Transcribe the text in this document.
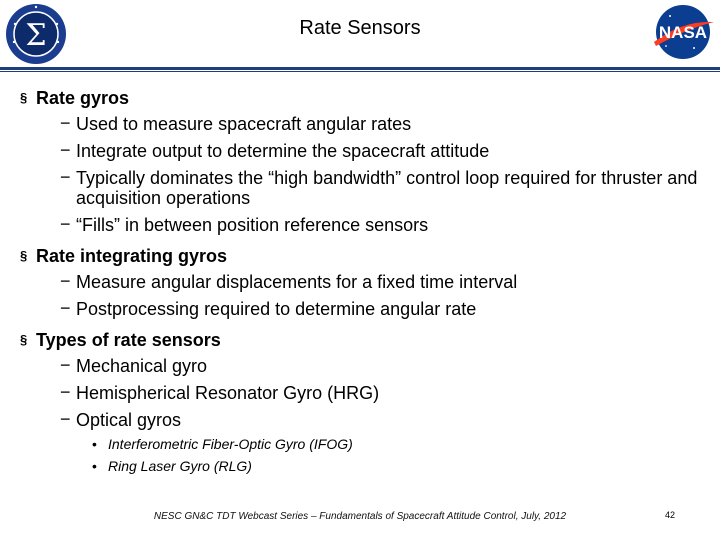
Σ	Rate Sensors	NASA
§ Rate gyros
− Used to measure spacecraft angular rates
− Integrate output to determine the spacecraft attitude
− Typically dominates the “high bandwidth” control loop required for thruster and acquisition operations
− “Fills” in between position reference sensors
§ Rate integrating gyros
− Measure angular displacements for a fixed time interval
− Postprocessing required to determine angular rate
§ Types of rate sensors
− Mechanical gyro
− Hemispherical Resonator Gyro (HRG)
− Optical gyros
• Interferometric Fiber-Optic Gyro (IFOG)
• Ring Laser Gyro (RLG)
NESC GN&C TDT Webcast Series – Fundamentals of Spacecraft Attitude Control, July, 2012	42
